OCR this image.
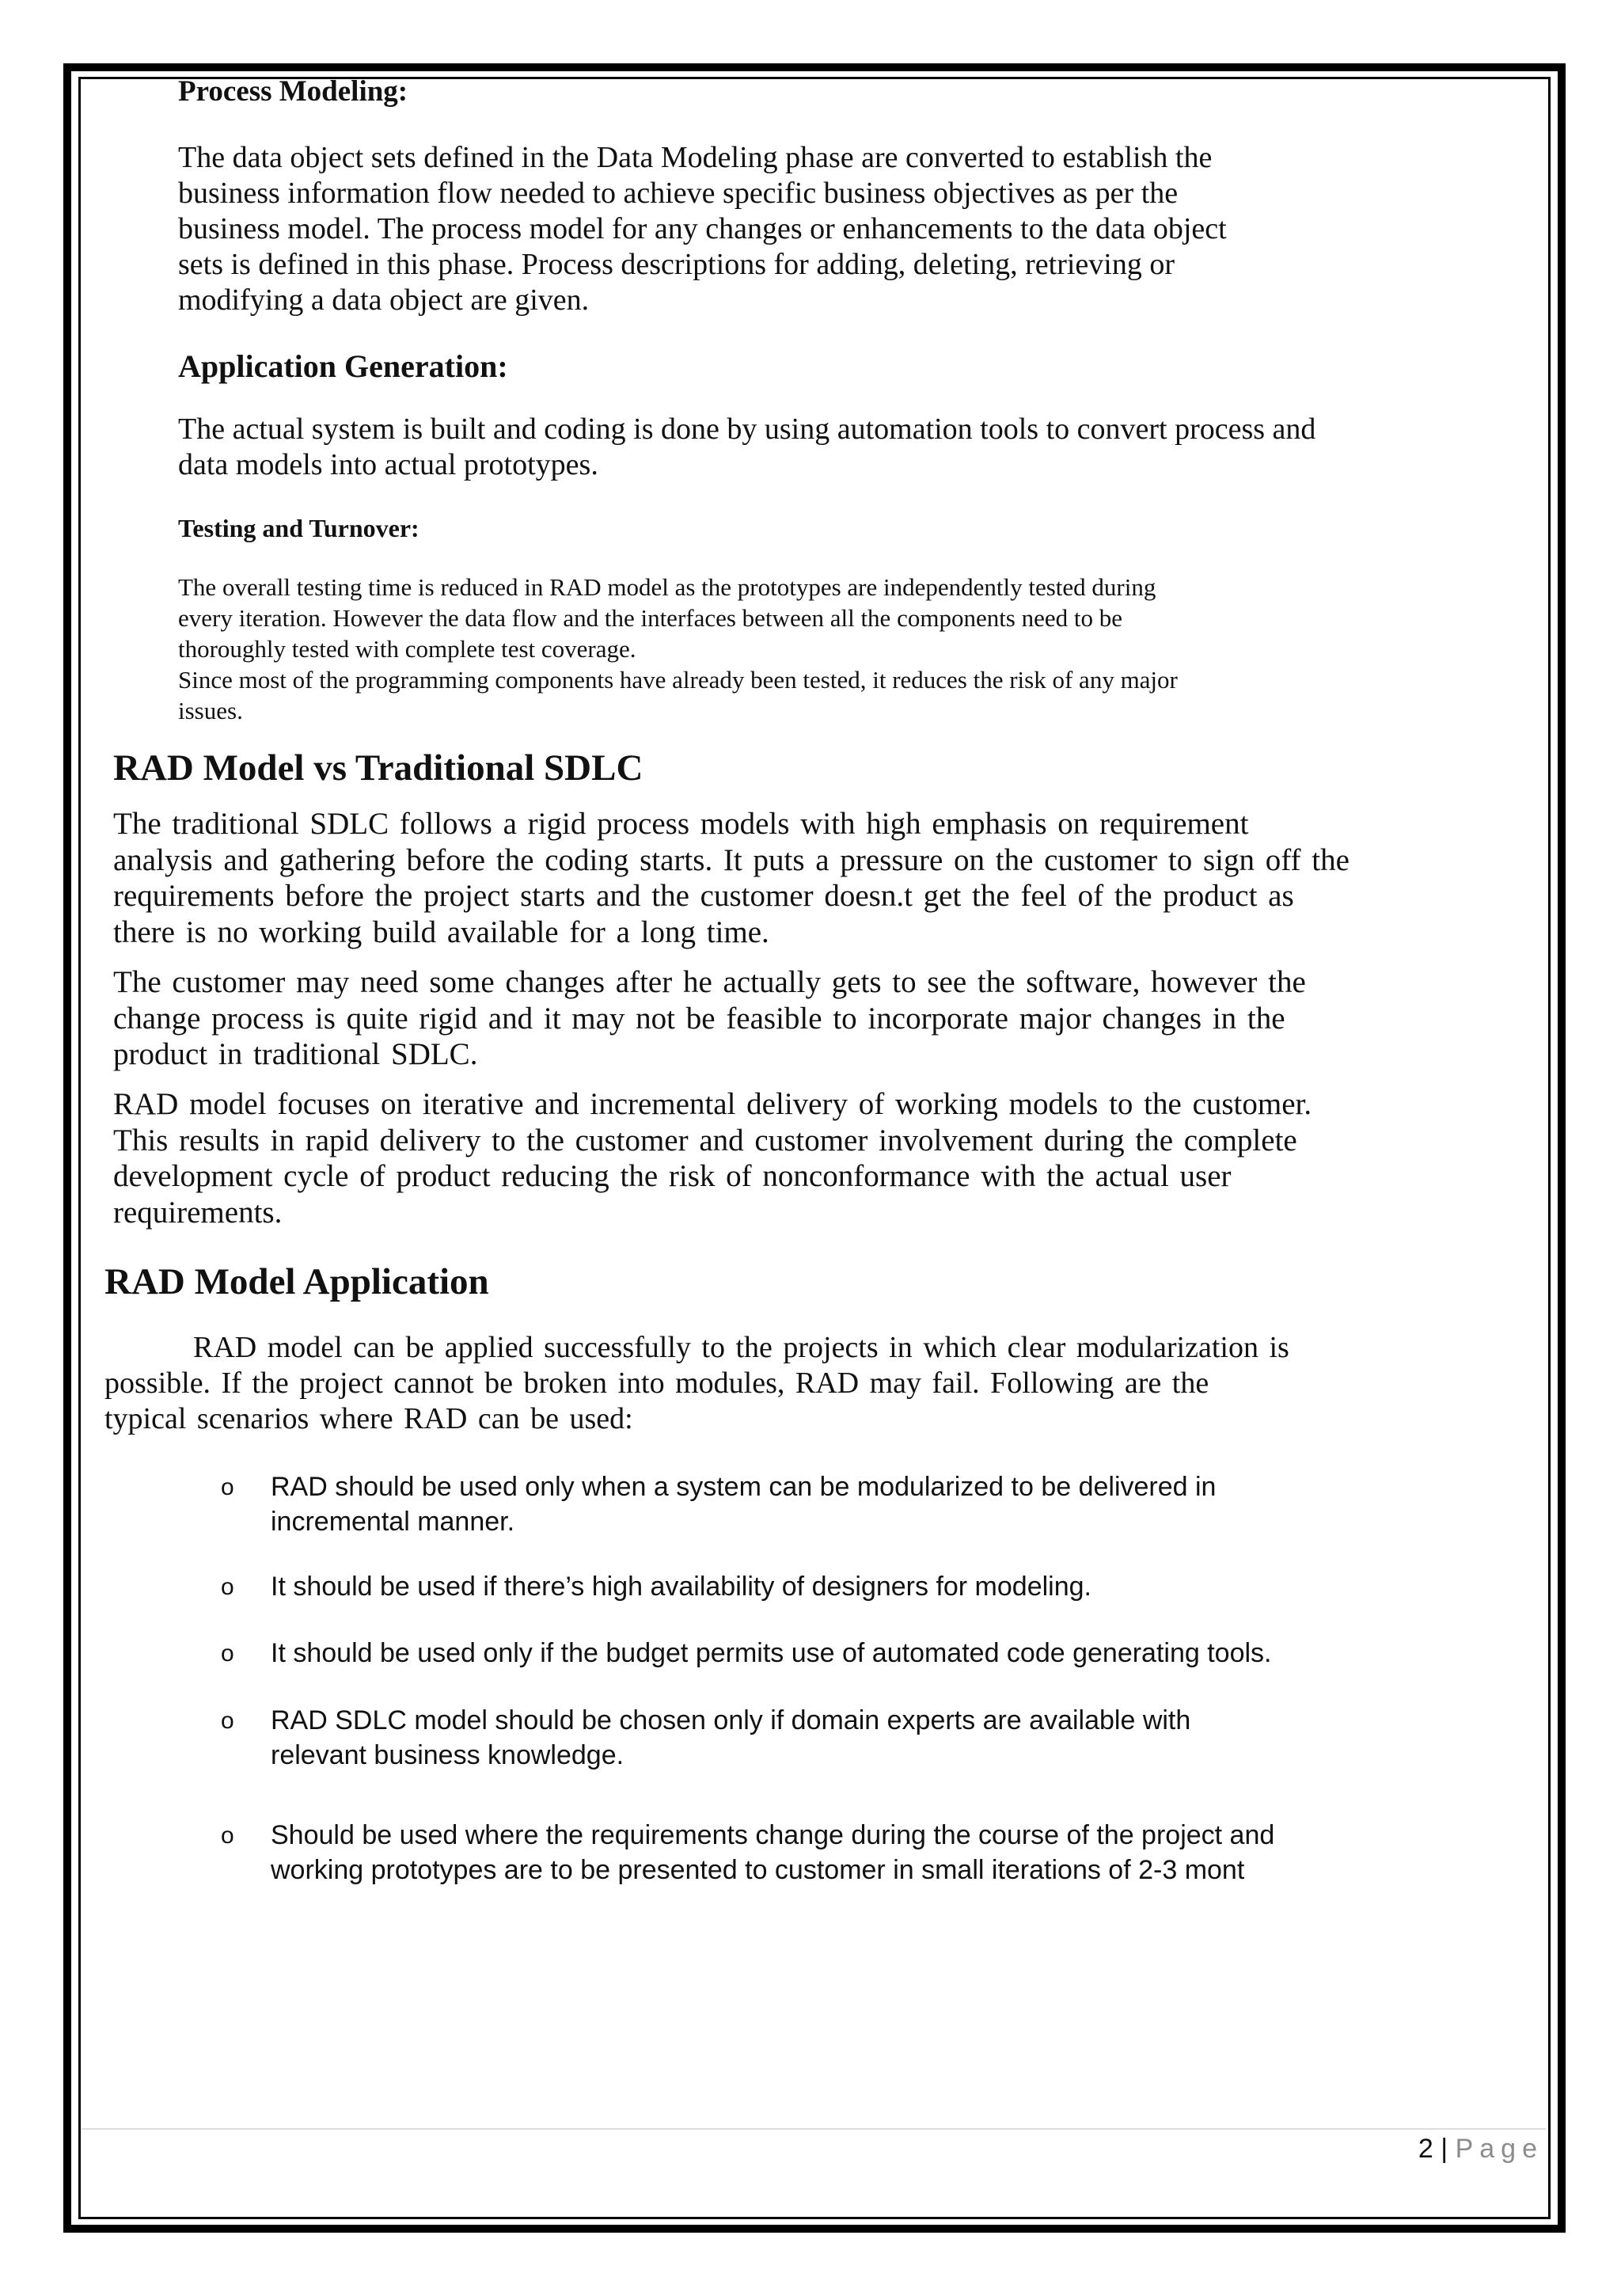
Process Modeling:
The data object sets defined in the Data Modeling phase are converted to establish the
business information flow needed to achieve specific business objectives as per the
business model. The process model for any changes or enhancements to the data object
sets is defined in this phase. Process descriptions for adding, deleting, retrieving or
modifying a data object are given.
Application Generation:
The actual system is built and coding is done by using automation tools to convert process and
data models into actual prototypes.
Testing and Turnover:
The overall testing time is reduced in RAD model as the prototypes are independently tested during
every iteration. However the data flow and the interfaces between all the components need to be
thoroughly tested with complete test coverage.
Since most of the programming components have already been tested, it reduces the risk of any major
issues.
RAD Model vs Traditional SDLC
The traditional SDLC follows a rigid process models with high emphasis on requirement
analysis and gathering before the coding starts. It puts a pressure on the customer to sign off the
requirements before the project starts and the customer doesn.t get the feel of the product as
there is no working build available for a long time.
The customer may need some changes after he actually gets to see the software, however the
change process is quite rigid and it may not be feasible to incorporate major changes in the
product in traditional SDLC.
RAD model focuses on iterative and incremental delivery of working models to the customer.
This results in rapid delivery to the customer and customer involvement during the complete
development cycle of product reducing the risk of nonconformance with the actual user
requirements.
RAD Model Application
RAD model can be applied successfully to the projects in which clear modularization is
possible. If the project cannot be broken into modules, RAD may fail. Following are the
typical scenarios where RAD can be used:
o RAD should be used only when a system can be modularized to be delivered in
incremental manner.
o It should be used if there’s high availability of designers for modeling.
o It should be used only if the budget permits use of automated code generating tools.
o RAD SDLC model should be chosen only if domain experts are available with
relevant business knowledge.
o Should be used where the requirements change during the course of the project and
working prototypes are to be presented to customer in small iterations of 2-3 mont
2 | Page
